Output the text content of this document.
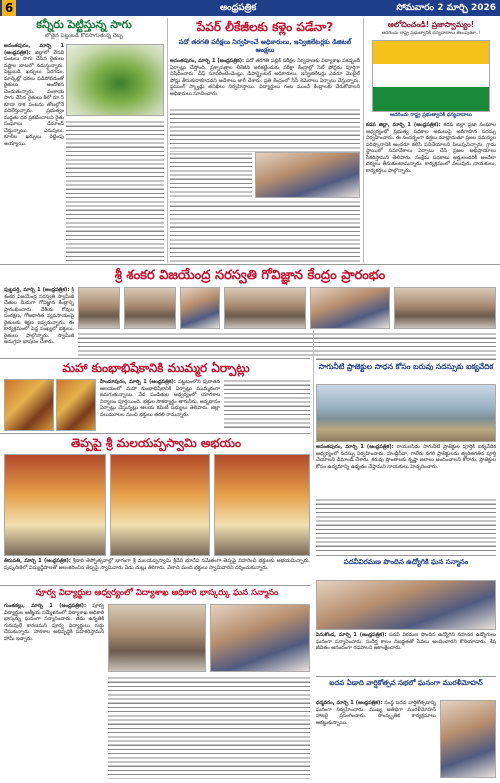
6	ఆంధ్రపత్రిక	సోమవారం 2 మార్చి 2026
కన్నీరు పెట్టిస్తున్న సాగు
లోతైన పెట్టుబడి కొనసాగుతున్న దెబ్బ
అనంతపురం, మార్చి 1 (ఆంధ్రపత్రిక): జిల్లాలో వేసవి పంటలు సాగు చేసిన రైతులు నష్టాల బాటలో నడుస్తున్నారు. పెట్టుబడి ఖర్చులు పెరగడం, మార్కెట్లో ధరలు పడిపోవడంతో రైతులు ఆందోళన చెందుతున్నారు. వంకాయ సాగు చేసిన రైతులు కిలో రూ.5 కూడా రాక పంటను తోటల్లోనే వదిలేస్తున్నారు. ప్రభుత్వం మద్దతు ధర ప్రకటించాలని రైతు సంఘాలు డిమాండ్ చేస్తున్నాయి. ఎరువులు, కూలీల ఖర్చులు రెట్టింపు అయ్యాయి.
పేపర్ లీకేజీలకు కళ్లెం పడేనా?
పదో తరగతి పరీక్షలు నిర్వహించే అధికారులు, ఇన్విజిలేటర్లకు డిజిటల్ ఆంక్షలు
అనంతపురం, మార్చి 1 (ఆంధ్రపత్రిక): పదో తరగతి పబ్లిక్ పరీక్షల నిర్వహణకు విద్యాశాఖ పకడ్బందీ ఏర్పాట్లు చేస్తోంది. ప్రశ్నాపత్రాల లీకేజీని అరికట్టేందుకు పరీక్షా కేంద్రాల్లో సెల్ ఫోన్లను పూర్తిగా నిషేధించారు. చీఫ్ సూపరింటెండెంట్లు, డిపార్ట్మెంటల్ అధికారులు, ఇన్విజిలేటర్లు ఎవరూ మొబైల్ ఫోన్లు తీసుకురాకూడదని ఆదేశాలు జారీ చేశారు. ప్రతి కేంద్రంలో సీసీ కెమెరాలు ఏర్పాటు చేస్తున్నారు. ఫ్లయింగ్ స్క్వాడ్లు తనిఖీలు నిర్వహిస్తాయి. విద్యార్థులు గంట ముందే కేంద్రాలకు చేరుకోవాలని అధికారులు సూచించారు.
ఆలోచించండి! ప్రజాస్వామ్యం!
ఆదరించు రాష్ట్ర ప్రభుత్వానికి ధన్యవాదాలు తెలుపుతూ..!
ఆదరించు రాష్ట్ర ప్రభుత్వానికి ధన్యవాదాలు
కడప జిల్లా, మార్చి 1 (ఆంధ్రపత్రిక): కడప జిల్లా ప్రజా సంఘాల ఆధ్వర్యంలో ప్రభుత్వ పథకాల అమలుపై అవగాహన సదస్సు నిర్వహించారు. ఈ సందర్భంగా వక్తలు మాట్లాడుతూ ప్రజల సమస్యల పరిష్కారానికి అందరూ కలిసి పనిచేయాలని పిలుపునిచ్చారు. గ్రామ స్థాయిలో సమావేశాలు ఏర్పాటు చేసి ప్రజల అభిప్రాయాలు సేకరిస్తామని తెలిపారు. సంక్షేమ పథకాలు అర్హులందరికీ అందేలా చర్యలు తీసుకుంటామన్నారు. కార్యక్రమంలో పలువురు నాయకులు, కార్యకర్తలు పాల్గొన్నారు.
శ్రీ శంకర విజయేంద్ర సరస్వతి గోవిజ్ఞాన కేంద్రం ప్రారంభం
పుట్టపర్తి, మార్చి 1 (ఆంధ్రపత్రిక): శ్రీ శంకర విజయేంద్ర సరస్వతి స్వామీజీ చేతుల మీదుగా గోవిజ్ఞాన కేంద్రాన్ని ప్రారంభించారు. దేశీయ గోవుల సంరక్షణ, గోఆధారిత వ్యవసాయంపై రైతులకు శిక్షణ ఇవ్వనున్నారు. ఈ కార్యక్రమంలో పెద్ద సంఖ్యలో భక్తులు, రైతులు పాల్గొన్నారు. స్వామీజీ అనుగ్రహ భాషణం చేశారు.
మహా కుంభాభిషేకానికి ముమ్మర ఏర్పాట్లు
హిందూపురం, మార్చి 1 (ఆంధ్రపత్రిక): పట్టణంలోని పురాతన ఆలయంలో మహా కుంభాభిషేకానికి ఏర్పాట్లు ముమ్మరంగా జరుగుతున్నాయి. వేద పండితుల ఆధ్వర్యంలో యాగశాల నిర్మాణం పూర్తయింది. భక్తుల సౌకర్యార్థం తాగునీరు, అన్నదానం ఏర్పాట్లు చేస్తున్నట్లు ఆలయ కమిటీ సభ్యులు తెలిపారు. జిల్లా నలుమూలల నుంచి భక్తులు తరలి రానున్నారు.
సాగునీటి ప్రాజెక్టుల సాధన కోసం బరువు సదస్సుకు ఐక్యవేదిక
అనంతపురం, మార్చి 1 (ఆంధ్రపత్రిక): రాయలసీమ సాగునీటి ప్రాజెక్టుల పూర్తికి ఐక్యవేదిక ఆధ్వర్యంలో సదస్సు నిర్వహించారు. హంద్రీనీవా, గాలేరు నగరి ప్రాజెక్టులను త్వరితగతిన పూర్తి చేయాలని డిమాండ్ చేశారు. కరువు ప్రాంతాలకు కృష్ణా జలాలు అందించాలని కోరారు. ప్రాజెక్టుల కోసం ఉద్యమాన్ని ఉధృతం చేస్తామని నాయకులు హెచ్చరించారు.
తెప్పపై శ్రీ మలయప్పస్వామి అభయం
తిరుపతి, మార్చి 1 (ఆంధ్రపత్రిక): శ్రీవారి తెప్పోత్సవాల్లో భాగంగా శ్రీ మలయప్పస్వామి శ్రీదేవి భూదేవి సమేతంగా తెప్పపై విహరించి భక్తులకు అభయమిచ్చారు. పుష్కరిణిలో విద్యుద్దీపాలతో అలంకరించిన తెప్పపై స్వామివారు ఏడు చుట్లు తిరిగారు. వేలాది మంది భక్తులు స్వామివారిని దర్శించుకున్నారు.
పదవీవిరమణ పొందిన ఉద్యోగికి ఘన సన్మానం
పెనుకొండ, మార్చి 1 (ఆంధ్రపత్రిక): పదవీ విరమణ పొందిన ఉద్యోగిని సహచర ఉద్యోగులు ఘనంగా సన్మానించారు. సుదీర్ఘ కాలం నిబద్ధతతో సేవలు అందించారని కొనియాడారు. శేష జీవితం ఆనందంగా గడపాలని ఆకాంక్షించారు.
పూర్వ విద్యార్థుల ఆధ్వర్యంలో విద్యాశాఖ అధికారి భాస్కర్కు ఘన సన్మానం
గుంతకల్లు, మార్చి 1 (ఆంధ్రపత్రిక): పూర్వ విద్యార్థుల ఆత్మీయ సమ్మేళనంలో విద్యాశాఖ అధికారి భాస్కర్ను ఘనంగా సన్మానించారు. తమ ఉన్నతికి గురువులే కారణమని పూర్వ విద్యార్థులు గుర్తు చేసుకున్నారు. పాఠశాల అభివృద్ధికి సహకరిస్తామని హామీ ఇచ్చారు.
ఐదవ ఏడాది వార్షికోత్సవ సభలో ఘనంగా మురళీమోహన్
ధర్మవరం, మార్చి 1 (ఆంధ్రపత్రిక): సంస్థ ఐదవ వార్షికోత్సవాన్ని ఘనంగా నిర్వహించారు. ముఖ్య అతిథిగా మురళీమోహన్ హాజరై ప్రసంగించారు. సాంస్కృతిక కార్యక్రమాలు ఆకట్టుకున్నాయి.
